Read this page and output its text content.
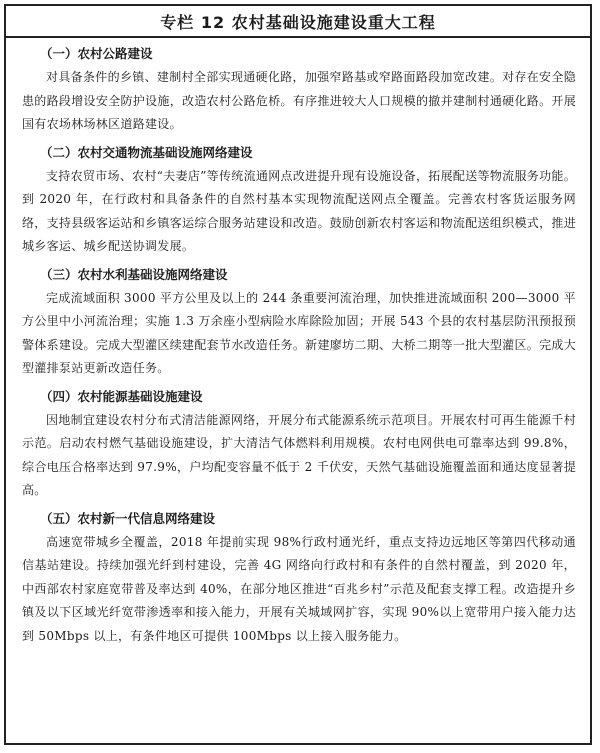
专栏 12 农村基础设施建设重大工程

（一）农村公路建设

对具备条件的乡镇、建制村全部实现通硬化路，加强窄路基或窄路面路段加宽改建。对存在安全隐患的路段增设安全防护设施，改造农村公路危桥。有序推进较大人口规模的撤并建制村通硬化路。开展国有农场林场林区道路建设。

（二）农村交通物流基础设施网络建设

支持农贸市场、农村“夫妻店”等传统流通网点改进提升现有设施设备，拓展配送等物流服务功能。到 2020 年，在行政村和具备条件的自然村基本实现物流配送网点全覆盖。完善农村客货运服务网络，支持县级客运站和乡镇客运综合服务站建设和改造。鼓励创新农村客运和物流配送组织模式，推进城乡客运、城乡配送协调发展。

（三）农村水利基础设施网络建设

完成流域面积 3000 平方公里及以上的 244 条重要河流治理，加快推进流域面积 200—3000 平方公里中小河流治理；实施 1.3 万余座小型病险水库除险加固；开展 543 个县的农村基层防汛预报预警体系建设。完成大型灌区续建配套节水改造任务。新建廖坊二期、大桥二期等一批大型灌区。完成大型灌排泵站更新改造任务。

（四）农村能源基础设施建设

因地制宜建设农村分布式清洁能源网络，开展分布式能源系统示范项目。开展农村可再生能源千村示范。启动农村燃气基础设施建设，扩大清洁气体燃料利用规模。农村电网供电可靠率达到 99.8%，综合电压合格率达到 97.9%，户均配变容量不低于 2 千伏安，天然气基础设施覆盖面和通达度显著提高。

（五）农村新一代信息网络建设

高速宽带城乡全覆盖，2018 年提前实现 98%行政村通光纤，重点支持边远地区等第四代移动通信基站建设。持续加强光纤到村建设，完善 4G 网络向行政村和有条件的自然村覆盖，到 2020 年，中西部农村家庭宽带普及率达到 40%，在部分地区推进“百兆乡村”示范及配套支撑工程。改造提升乡镇及以下区域光纤宽带渗透率和接入能力，开展有关城域网扩容，实现 90%以上宽带用户接入能力达到 50Mbps 以上，有条件地区可提供 100Mbps 以上接入服务能力。
